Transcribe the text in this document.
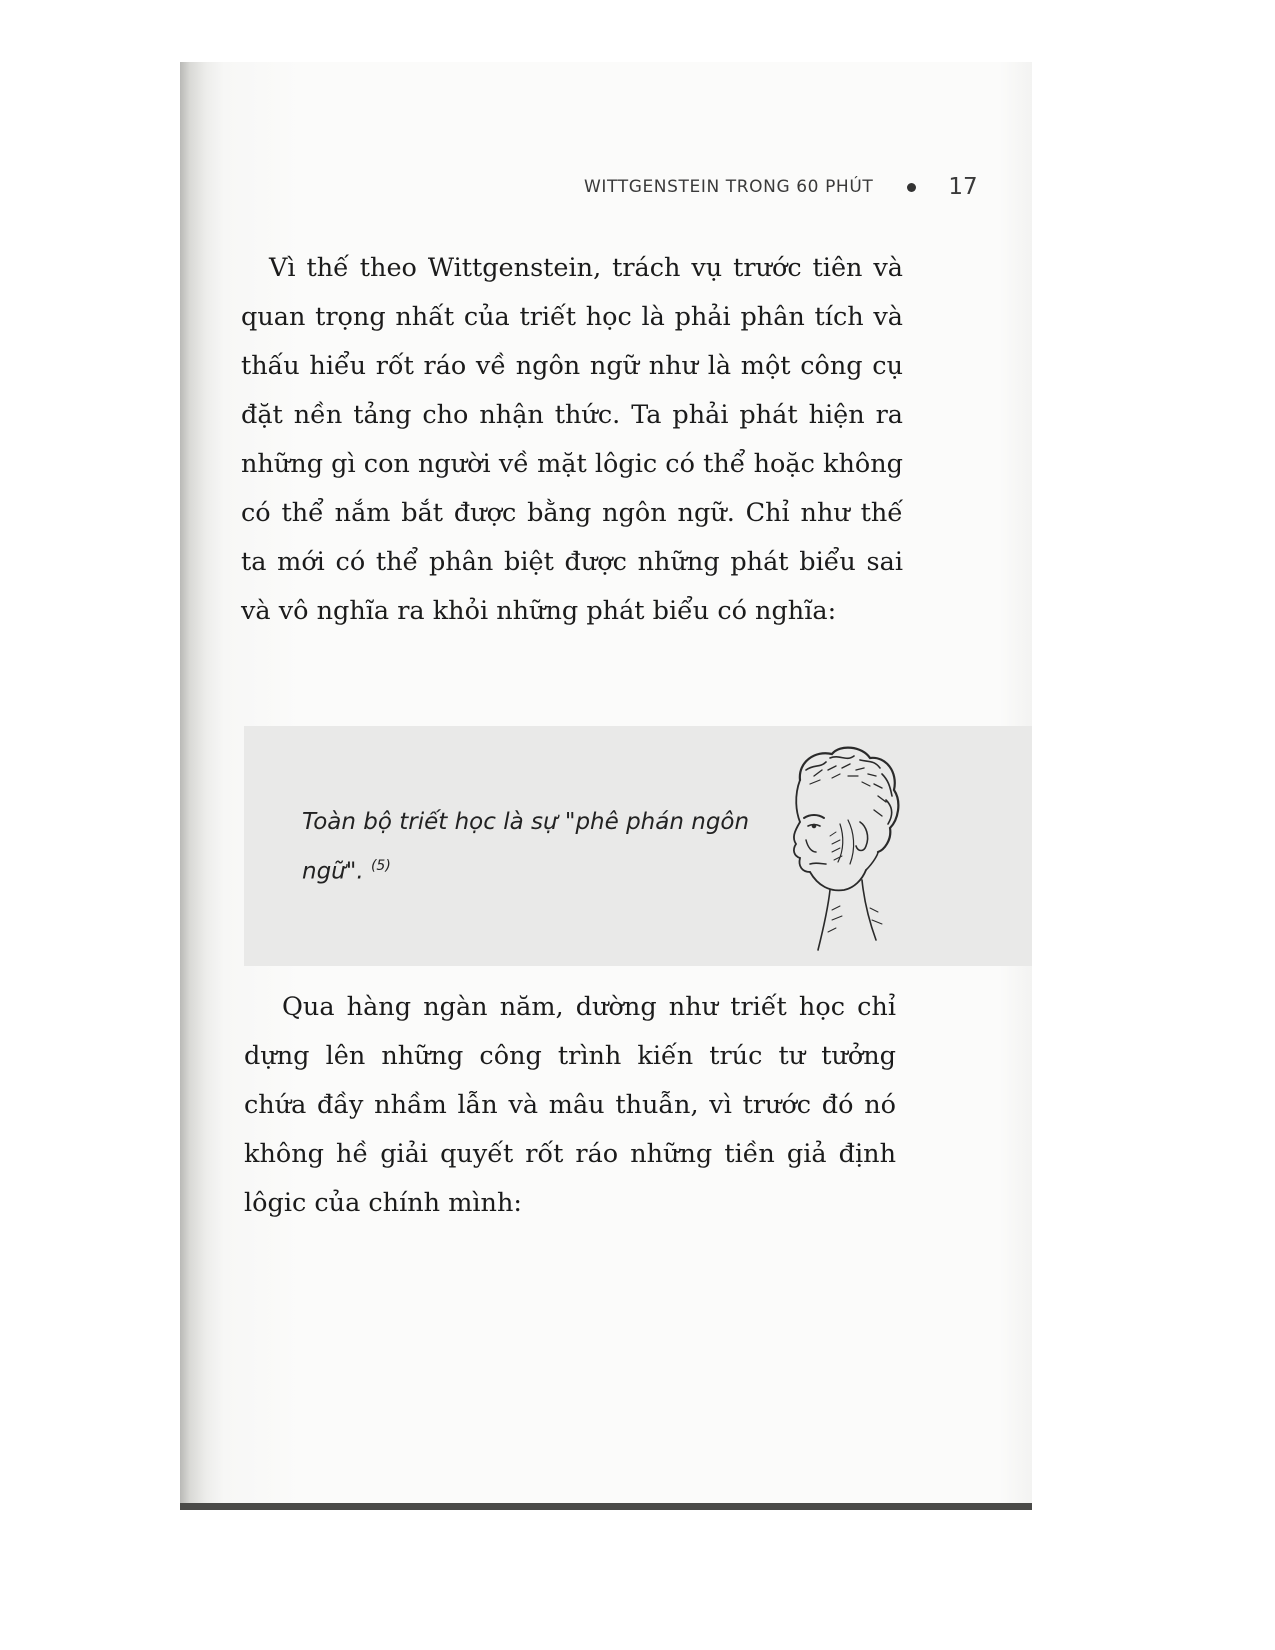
WITTGENSTEIN TRONG 60 PHÚT	17

Vì thế theo Wittgenstein, trách vụ trước tiên và quan trọng nhất của triết học là phải phân tích và thấu hiểu rốt ráo về ngôn ngữ như là một công cụ đặt nền tảng cho nhận thức. Ta phải phát hiện ra những gì con người về mặt lôgic có thể hoặc không có thể nắm bắt được bằng ngôn ngữ. Chỉ như thế ta mới có thể phân biệt được những phát biểu sai và vô nghĩa ra khỏi những phát biểu có nghĩa:

Toàn bộ triết học là sự "phê phán ngôn ngữ". $^{(5)}$

Qua hàng ngàn năm, dường như triết học chỉ dựng lên những công trình kiến trúc tư tưởng chứa đầy nhầm lẫn và mâu thuẫn, vì trước đó nó không hề giải quyết rốt ráo những tiền giả định lôgic của chính mình:
